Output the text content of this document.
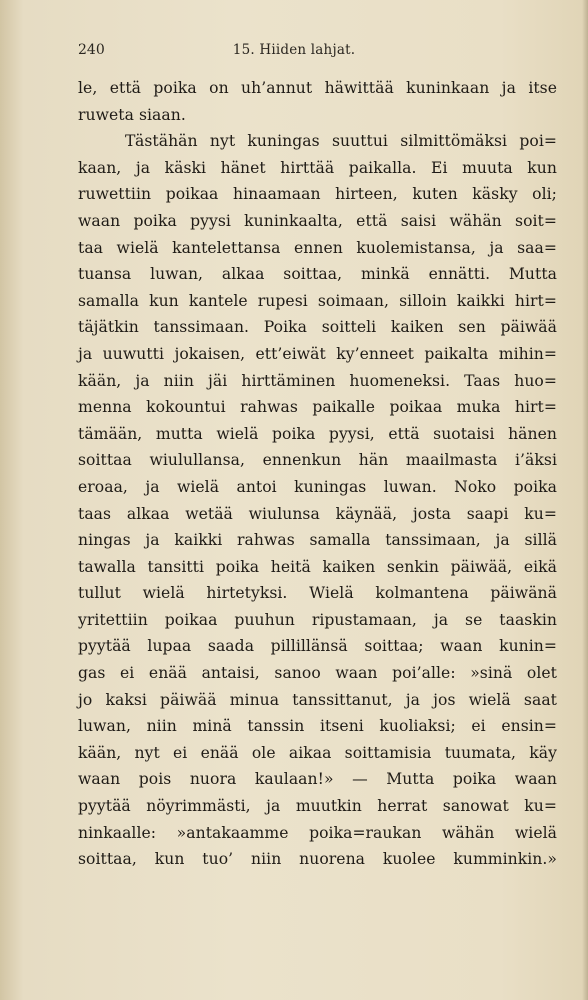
240	15. Hiiden lahjat.
le, että poika on uh’annut häwittää kuninkaan ja itse
ruweta siaan.
Tästähän nyt kuningas suuttui silmittömäksi poi=
kaan, ja käski hänet hirttää paikalla. Ei muuta kun
ruwettiin poikaa hinaamaan hirteen, kuten käsky oli;
waan poika pyysi kuninkaalta, että saisi wähän soit=
taa wielä kantelettansa ennen kuolemistansa, ja saa=
tuansa luwan, alkaa soittaa, minkä ennätti. Mutta
samalla kun kantele rupesi soimaan, silloin kaikki hirt=
täjätkin tanssimaan. Poika soitteli kaiken sen päiwää
ja uuwutti jokaisen, ett’eiwät ky’enneet paikalta mihin=
kään, ja niin jäi hirttäminen huomeneksi. Taas huo=
menna kokountui rahwas paikalle poikaa muka hirt=
tämään, mutta wielä poika pyysi, että suotaisi hänen
soittaa wiulullansa, ennenkun hän maailmasta i’äksi
eroaa, ja wielä antoi kuningas luwan. Noko poika
taas alkaa wetää wiulunsa käynää, josta saapi ku=
ningas ja kaikki rahwas samalla tanssimaan, ja sillä
tawalla tansitti poika heitä kaiken senkin päiwää, eikä
tullut wielä hirtetyksi. Wielä kolmantena päiwänä
yritettiin poikaa puuhun ripustamaan, ja se taaskin
pyytää lupaa saada pillillänsä soittaa; waan kunin=
gas ei enää antaisi, sanoo waan poi’alle: »sinä olet
jo kaksi päiwää minua tanssittanut, ja jos wielä saat
luwan, niin minä tanssin itseni kuoliaksi; ei ensin=
kään, nyt ei enää ole aikaa soittamisia tuumata, käy
waan pois nuora kaulaan!» — Mutta poika waan
pyytää nöyrimmästi, ja muutkin herrat sanowat ku=
ninkaalle: »antakaamme poika=raukan wähän wielä
soittaa, kun tuo’ niin nuorena kuolee kumminkin.»
